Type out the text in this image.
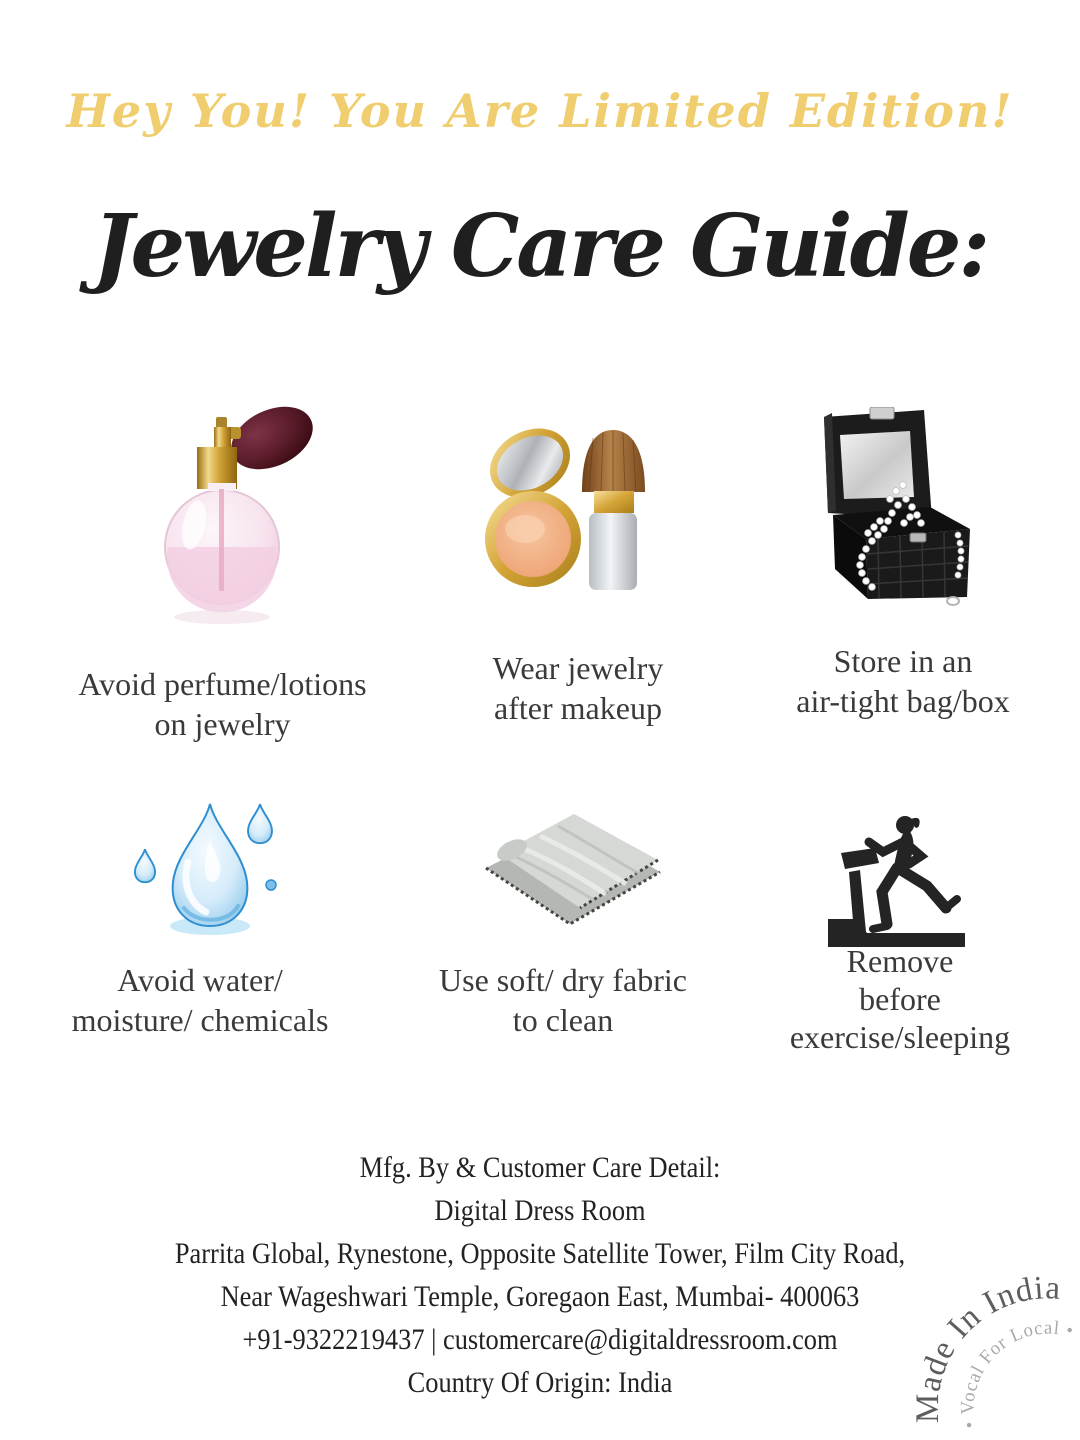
Hey You! You Are Limited Edition!
Jewelry Care Guide:
Avoid perfume/lotions
on jewelry
Wear jewelry
after makeup
Store in an
air-tight bag/box
Avoid water/
moisture/ chemicals
Use soft/ dry fabric
to clean
Remove
before
exercise/sleeping
Mfg. By & Customer Care Detail:
Digital Dress Room
Parrita Global, Rynestone, Opposite Satellite Tower, Film City Road,
Near Wageshwari Temple, Goregaon East, Mumbai- 400063
+91-9322219437 | customercare@digitaldressroom.com
Country Of Origin: India
Made In India
• Vocal For Local •
